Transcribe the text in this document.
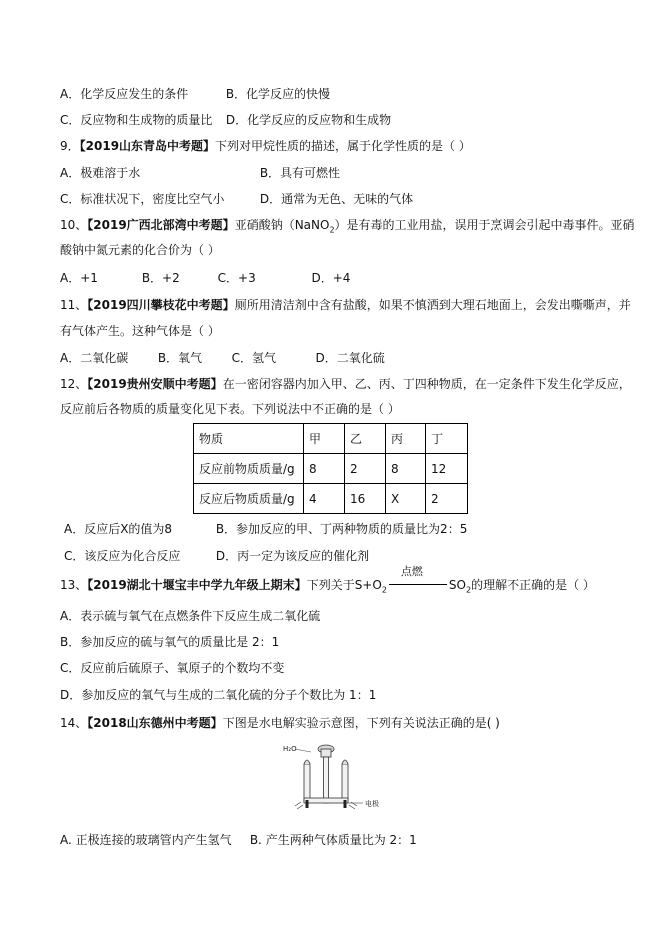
A．化学反应发生的条件	B．化学反应的快慢
C．反应物和生成物的质量比 D．化学反应的反应物和生成物
9．【2019山东青岛中考题】下列对甲烷性质的描述，属于化学性质的是（ ）
A．极难溶于水	B．具有可燃性
C．标准状况下，密度比空气小	D．通常为无色、无味的气体
10、【2019广西北部湾中考题】亚硝酸钠（NaNO$_2$）是有毒的工业用盐，误用于烹调会引起中毒事件。亚硝
酸钠中氮元素的化合价为（ ）
A．+1	B．+2	C．+3	D．+4
11、【2019四川攀枝花中考题】厕所用清洁剂中含有盐酸，如果不慎洒到大理石地面上，会发出嘶嘶声，并
有气体产生。这种气体是（ ）
A．二氧化碳 B．氧气 C．氢气	D．二氧化硫
12、【2019贵州安顺中考题】在一密闭容器内加入甲、乙、丙、丁四种物质，在一定条件下发生化学反应，
反应前后各物质的质量变化见下表。下列说法中不正确的是（ ）
物质	甲	乙	丙	丁
反应前物质质量/g	8	2	8	12
反应后物质质量/g	4	16	X	2
A．反应后X的值为8	B．参加反应的甲、丁两种物质的质量比为2：5
C．该反应为化合反应	D．丙一定为该反应的催化剂
13、【2019湖北十堰宝丰中学九年级上期末】下列关于$S+O_2$
点燃
$SO_2$的理解不正确的是（ ）
A．表示硫与氧气在点燃条件下反应生成二氧化硫
B．参加反应的硫与氧气的质量比是 2：1
C．反应前后硫原子、氧原子的个数均不变
D．参加反应的氧气与生成的二氧化硫的分子个数比为 1：1
14、【2018山东德州中考题】下图是水电解实验示意图，下列有关说法正确的是( )
H₂O
电极
A. 正极连接的玻璃管内产生氢气 B. 产生两种气体质量比为 2：1
